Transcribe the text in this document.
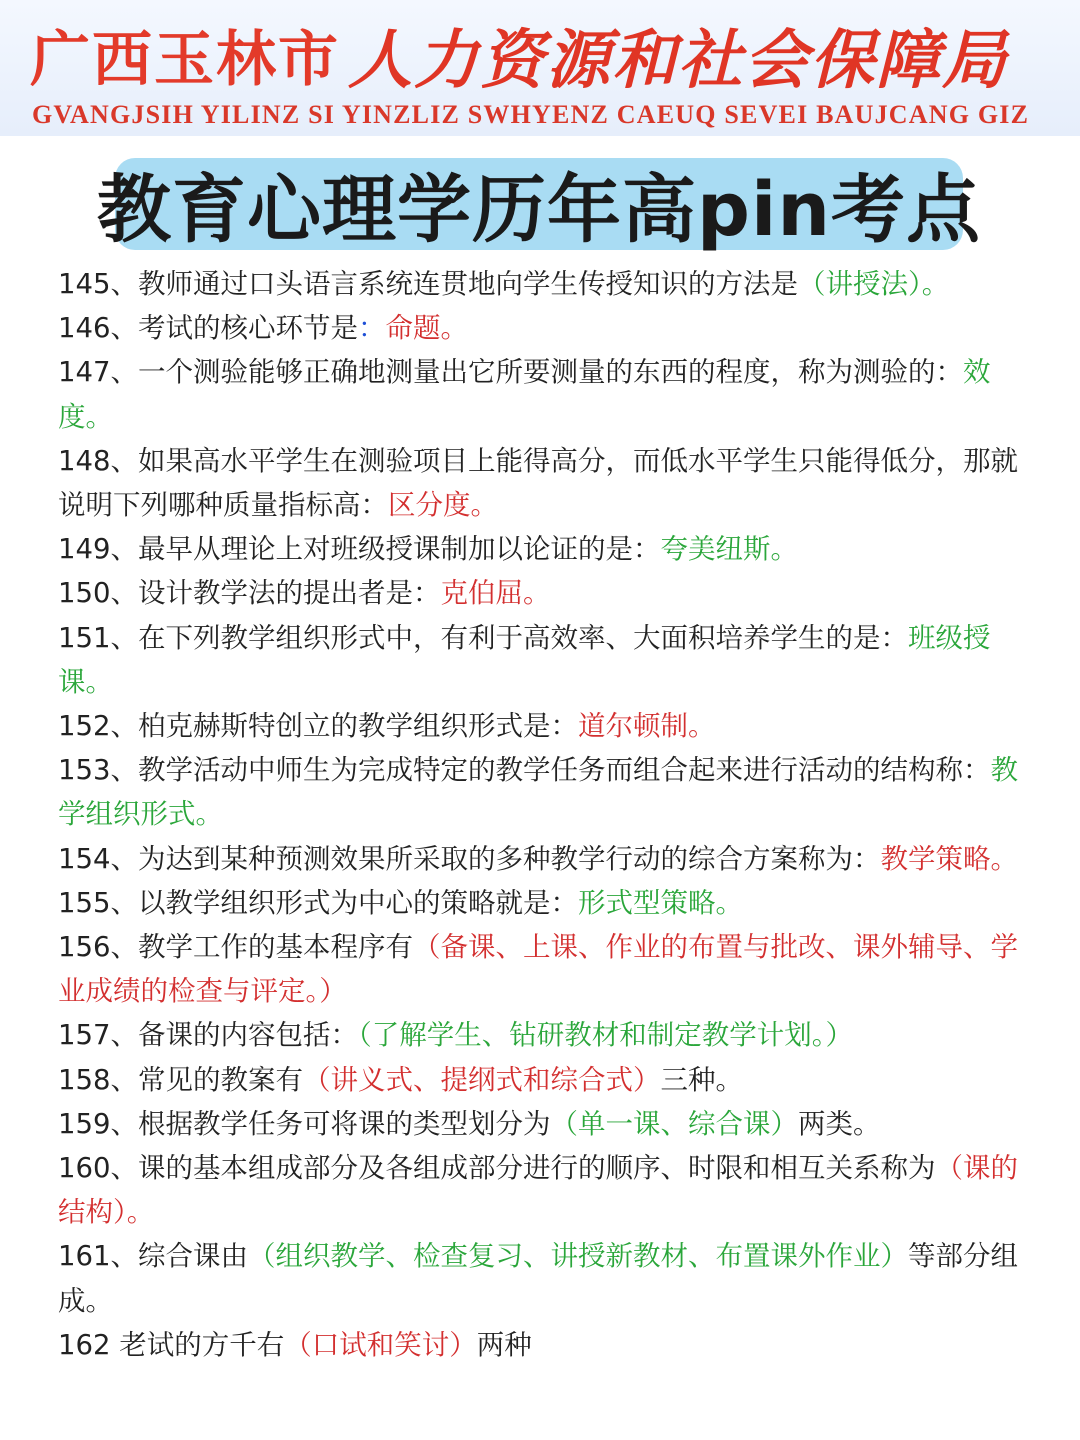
广西玉林市 人力资源和社会保障局
GVANGJSIH YILINZ SI YINZLIZ SWHYENZ CAEUQ SEVEI BAUJCANG GIZ
教育心理学历年高pin考点

145、教师通过口头语言系统连贯地向学生传授知识的方法是（讲授法）。

146、考试的核心环节是：命题。

147、一个测验能够正确地测量出它所要测量的东西的程度，称为测验的：效度。

148、如果高水平学生在测验项目上能得高分，而低水平学生只能得低分，那就说明下列哪种质量指标高：区分度。

149、最早从理论上对班级授课制加以论证的是：夸美纽斯。

150、设计教学法的提出者是：克伯屈。

151、在下列教学组织形式中，有利于高效率、大面积培养学生的是：班级授课。

152、柏克赫斯特创立的教学组织形式是：道尔顿制。

153、教学活动中师生为完成特定的教学任务而组合起来进行活动的结构称：教学组织形式。

154、为达到某种预测效果所采取的多种教学行动的综合方案称为：教学策略。

155、以教学组织形式为中心的策略就是：形式型策略。

156、教学工作的基本程序有（备课、上课、作业的布置与批改、课外辅导、学业成绩的检查与评定。）

157、备课的内容包括：（了解学生、钻研教材和制定教学计划。）

158、常见的教案有（讲义式、提纲式和综合式）三种。

159、根据教学任务可将课的类型划分为（单一课、综合课）两类。

160、课的基本组成部分及各组成部分进行的顺序、时限和相互关系称为（课的结构）。

161、综合课由（组织教学、检查复习、讲授新教材、布置课外作业）等部分组成。

162 老试的方千右（口试和笑讨）两种
